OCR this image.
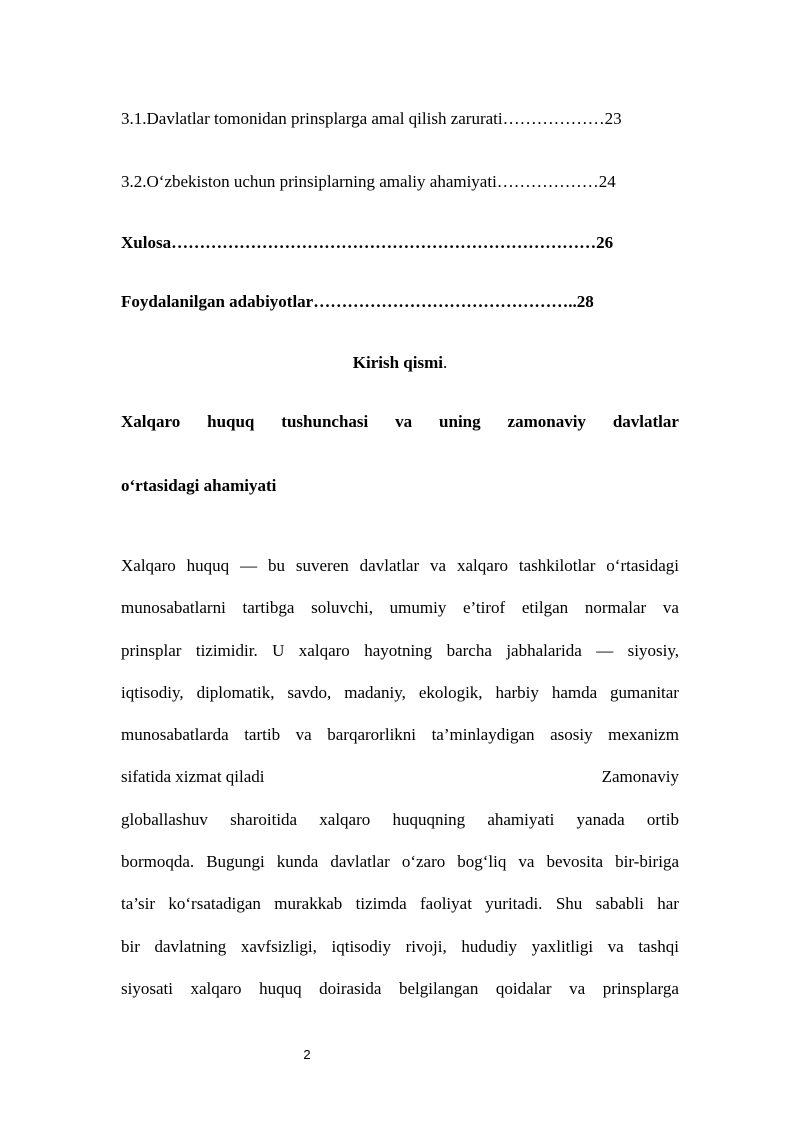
3.1.Davlatlar tomonidan prinsplarga amal qilish zarurati………………23

3.2.O‘zbekiston uchun prinsiplarning amaliy ahamiyati………………24

Xulosa…………………………………………………………………26

Foydalanilgan adabiyotlar………………………………………..28

Kirish qismi.

Xalqaro huquq tushunchasi va uning zamonaviy davlatlar
o‘rtasidagi ahamiyati
Xalqaro huquq — bu suveren davlatlar va xalqaro tashkilotlar o‘rtasidagi
munosabatlarni tartibga soluvchi, umumiy e’tirof etilgan normalar va
prinsplar tizimidir. U xalqaro hayotning barcha jabhalarida — siyosiy,
iqtisodiy, diplomatik, savdo, madaniy, ekologik, harbiy hamda gumanitar
munosabatlarda tartib va barqarorlikni ta’minlaydigan asosiy mexanizm
sifatida xizmat qiladi	Zamonaviy
globallashuv sharoitida xalqaro huquqning ahamiyati yanada ortib
bormoqda. Bugungi kunda davlatlar o‘zaro bog‘liq va bevosita bir-biriga
ta’sir ko‘rsatadigan murakkab tizimda faoliyat yuritadi. Shu sababli har
bir davlatning xavfsizligi, iqtisodiy rivoji, hududiy yaxlitligi va tashqi
siyosati xalqaro huquq doirasida belgilangan qoidalar va prinsplarga
2
